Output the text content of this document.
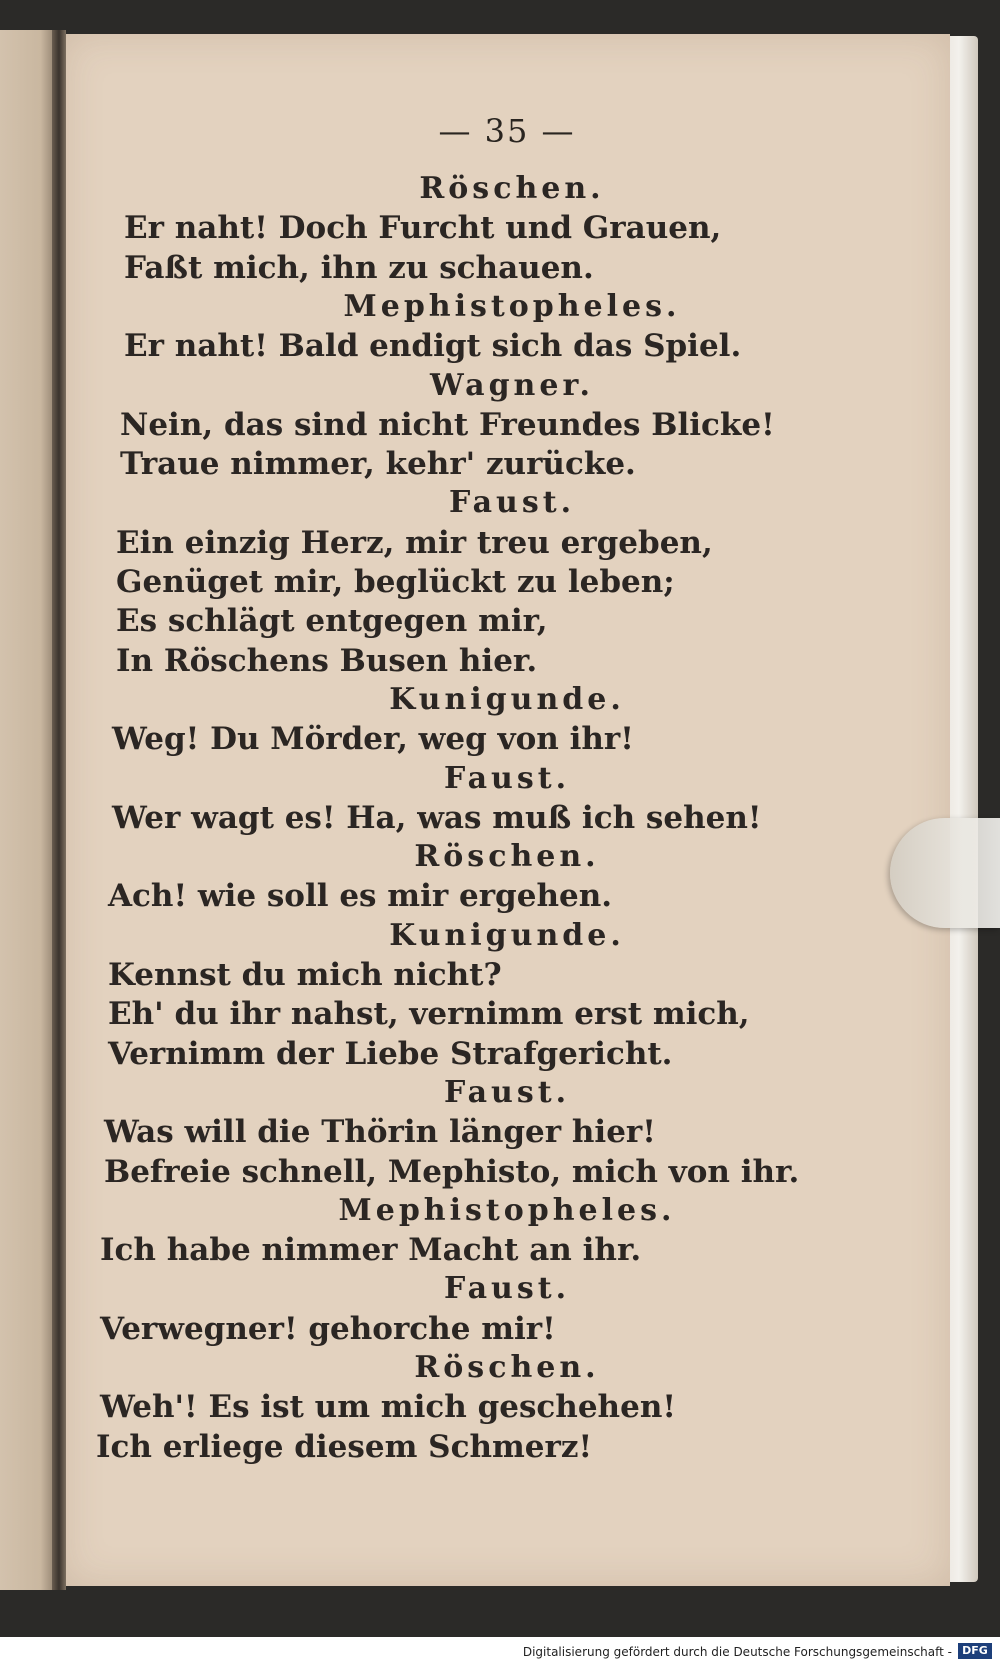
— 35 —
Röschen.
Er naht! Doch Furcht und Grauen,
Faßt mich, ihn zu schauen.
Mephistopheles.
Er naht! Bald endigt sich das Spiel.
Wagner.
Nein, das sind nicht Freundes Blicke!
Traue nimmer, kehr' zurücke.
Faust.
Ein einzig Herz, mir treu ergeben,
Genüget mir, beglückt zu leben;
Es schlägt entgegen mir,
In Röschens Busen hier.
Kunigunde.
Weg! Du Mörder, weg von ihr!
Faust.
Wer wagt es! Ha, was muß ich sehen!
Röschen.
Ach! wie soll es mir ergehen.
Kunigunde.
Kennst du mich nicht?
Eh' du ihr nahst, vernimm erst mich,
Vernimm der Liebe Strafgericht.
Faust.
Was will die Thörin länger hier!
Befreie schnell, Mephisto, mich von ihr.
Mephistopheles.
Ich habe nimmer Macht an ihr.
Faust.
Verwegner! gehorche mir!
Röschen.
Weh'! Es ist um mich geschehen!
Ich erliege diesem Schmerz!
Digitalisierung gefördert durch die Deutsche Forschungsgemeinschaft - DFG
